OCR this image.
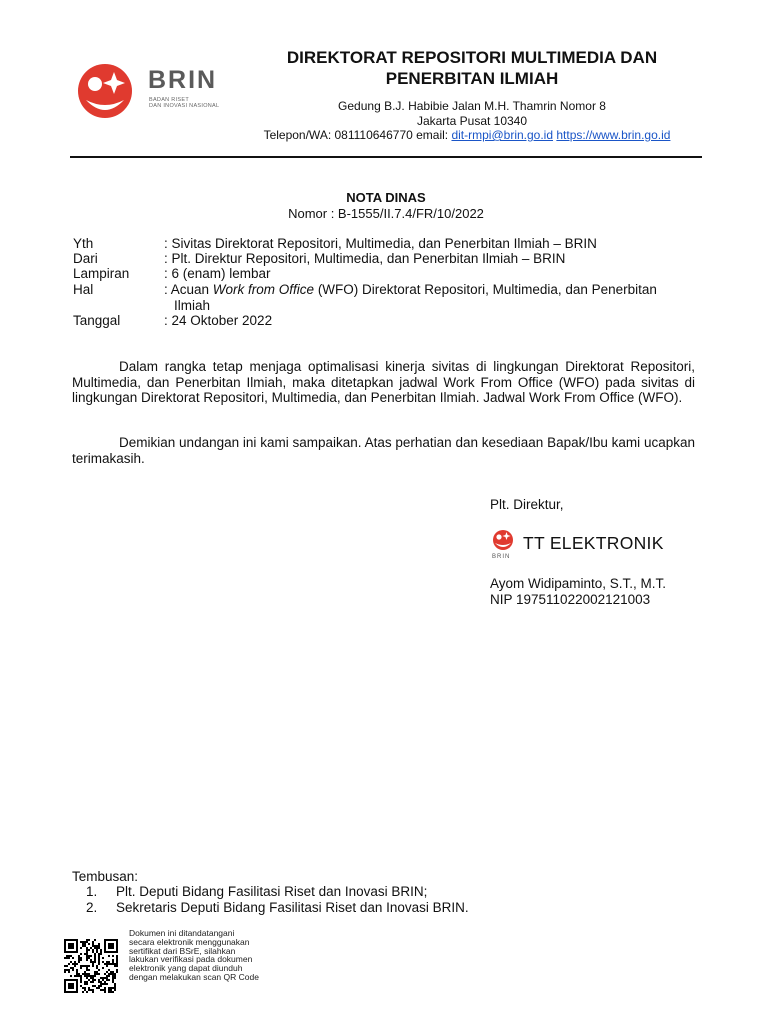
BRIN
BADAN RISET
DAN INOVASI NASIONAL
DIREKTORAT REPOSITORI MULTIMEDIA DAN PENERBITAN ILMIAH
Gedung B.J. Habibie Jalan M.H. Thamrin Nomor 8
Jakarta Pusat 10340
Telepon/WA: 081110646770 email: dit-rmpi@brin.go.id https://www.brin.go.id
NOTA DINAS
Nomor : B-1555/II.7.4/FR/10/2022
Yth	: Sivitas Direktorat Repositori, Multimedia, dan Penerbitan Ilmiah – BRIN
Dari	: Plt. Direktur Repositori, Multimedia, dan Penerbitan Ilmiah – BRIN
Lampiran	: 6 (enam) lembar
Hal	: Acuan Work from Office (WFO) Direktorat Repositori, Multimedia, dan Penerbitan
Ilmiah
Tanggal	: 24 Oktober 2022
Dalam rangka tetap menjaga optimalisasi kinerja sivitas di lingkungan Direktorat Repositori, Multimedia, dan Penerbitan Ilmiah, maka ditetapkan jadwal Work From Office (WFO) pada sivitas di lingkungan Direktorat Repositori, Multimedia, dan Penerbitan Ilmiah. Jadwal Work From Office (WFO).
Demikian undangan ini kami sampaikan. Atas perhatian dan kesediaan Bapak/Ibu kami ucapkan terimakasih.
Plt. Direktur,
BRIN
TT ELEKTRONIK
Ayom Widipaminto, S.T., M.T.
NIP 197511022002121003
Tembusan:
1. Plt. Deputi Bidang Fasilitasi Riset dan Inovasi BRIN;
2. Sekretaris Deputi Bidang Fasilitasi Riset dan Inovasi BRIN.
Dokumen ini ditandatangani secara elektronik menggunakan sertifikat dari BSrE, silahkan lakukan verifikasi pada dokumen elektronik yang dapat diunduh dengan melakukan scan QR Code
